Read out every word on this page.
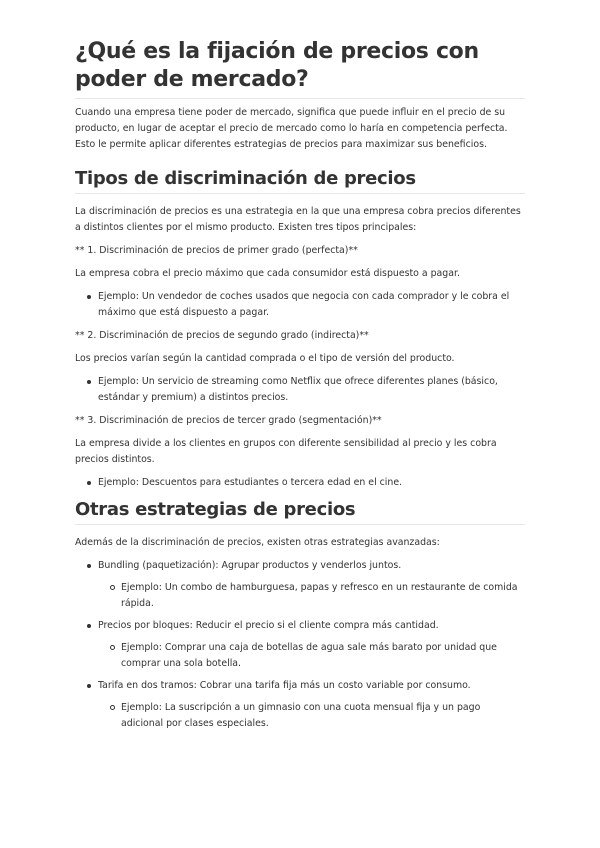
¿Qué es la fijación de precios con poder de mercado?

Cuando una empresa tiene poder de mercado, significa que puede influir en el precio de su producto, en lugar de aceptar el precio de mercado como lo haría en competencia perfecta. Esto le permite aplicar diferentes estrategias de precios para maximizar sus beneficios.

Tipos de discriminación de precios

La discriminación de precios es una estrategia en la que una empresa cobra precios diferentes a distintos clientes por el mismo producto. Existen tres tipos principales:

** 1. Discriminación de precios de primer grado (perfecta)**

La empresa cobra el precio máximo que cada consumidor está dispuesto a pagar.

Ejemplo: Un vendedor de coches usados que negocia con cada comprador y le cobra el máximo que está dispuesto a pagar.

** 2. Discriminación de precios de segundo grado (indirecta)**

Los precios varían según la cantidad comprada o el tipo de versión del producto.

Ejemplo: Un servicio de streaming como Netflix que ofrece diferentes planes (básico, estándar y premium) a distintos precios.

** 3. Discriminación de precios de tercer grado (segmentación)**

La empresa divide a los clientes en grupos con diferente sensibilidad al precio y les cobra precios distintos.

Ejemplo: Descuentos para estudiantes o tercera edad en el cine.
Otras estrategias de precios

Además de la discriminación de precios, existen otras estrategias avanzadas:

Bundling (paquetización): Agrupar productos y venderlos juntos.
Ejemplo: Un combo de hamburguesa, papas y refresco en un restaurante de comida rápida.
Precios por bloques: Reducir el precio si el cliente compra más cantidad.
Ejemplo: Comprar una caja de botellas de agua sale más barato por unidad que comprar una sola botella.
Tarifa en dos tramos: Cobrar una tarifa fija más un costo variable por consumo.
Ejemplo: La suscripción a un gimnasio con una cuota mensual fija y un pago adicional por clases especiales.
